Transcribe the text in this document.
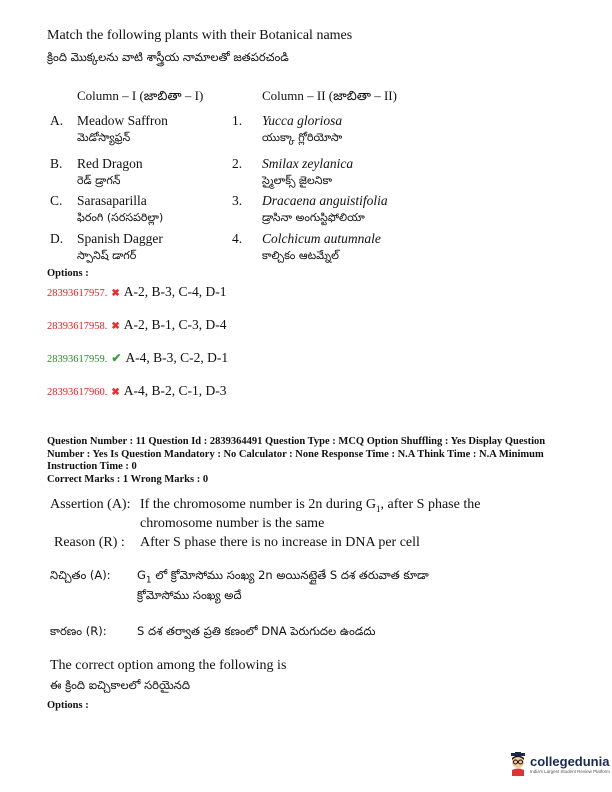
Match the following plants with their Botanical names
క్రింది మొక్కలను వాటి శాస్త్రీయ నామాలతో జతపరచండి
Column – I (జాబితా – I)	Column – II (జాబితా – II)
A. Meadow Saffron
మెడోస్యాఫ్రన్
1. Yucca gloriosa
యుక్కా గ్లోరియోసా
B. Red Dragon
రెడ్ డ్రాగన్
2. Smilax zeylanica
స్మైలాక్స్ జైలనికా
C. Sarasaparilla
ఫిరంగి (సరసపరిల్లా)
3. Dracaena anguistifolia
డ్రాసినా అంగుస్టిఫోలియా
D. Spanish Dagger
స్పానిష్ డాగర్
4. Colchicum autumnale
కాల్చికం ఆటమ్నేల్
Options :
28393617957. ✖ A-2, B-3, C-4, D-1
28393617958. ✖ A-2, B-1, C-3, D-4
28393617959. ✔ A-4, B-3, C-2, D-1
28393617960. ✖ A-4, B-2, C-1, D-3
Question Number : 11 Question Id : 2839364491 Question Type : MCQ Option Shuffling : Yes Display Question Number : Yes Is Question Mandatory : No Calculator : None Response Time : N.A Think Time : N.A Minimum Instruction Time : 0
Correct Marks : 1 Wrong Marks : 0
Assertion (A): If the chromosome number is 2n during $G_1$, after S phase the
chromosome number is the same
Reason (R) : After S phase there is no increase in DNA per cell
నిచ్చితం (A): $G_1$ లో క్రోమోసోము సంఖ్య 2n అయినట్లైతే S దశ తరువాత కూడా
క్రోమోసోము సంఖ్య అదే
కారణం (R):	S దశ తర్వాత ప్రతి కణంలో DNA పెరుగుదల ఉండదు
The correct option among the following is
ఈ క్రింది ఐచ్చికాలలో సరియైనది
Options :
collegedunia
India's Largest Student Review Platform
